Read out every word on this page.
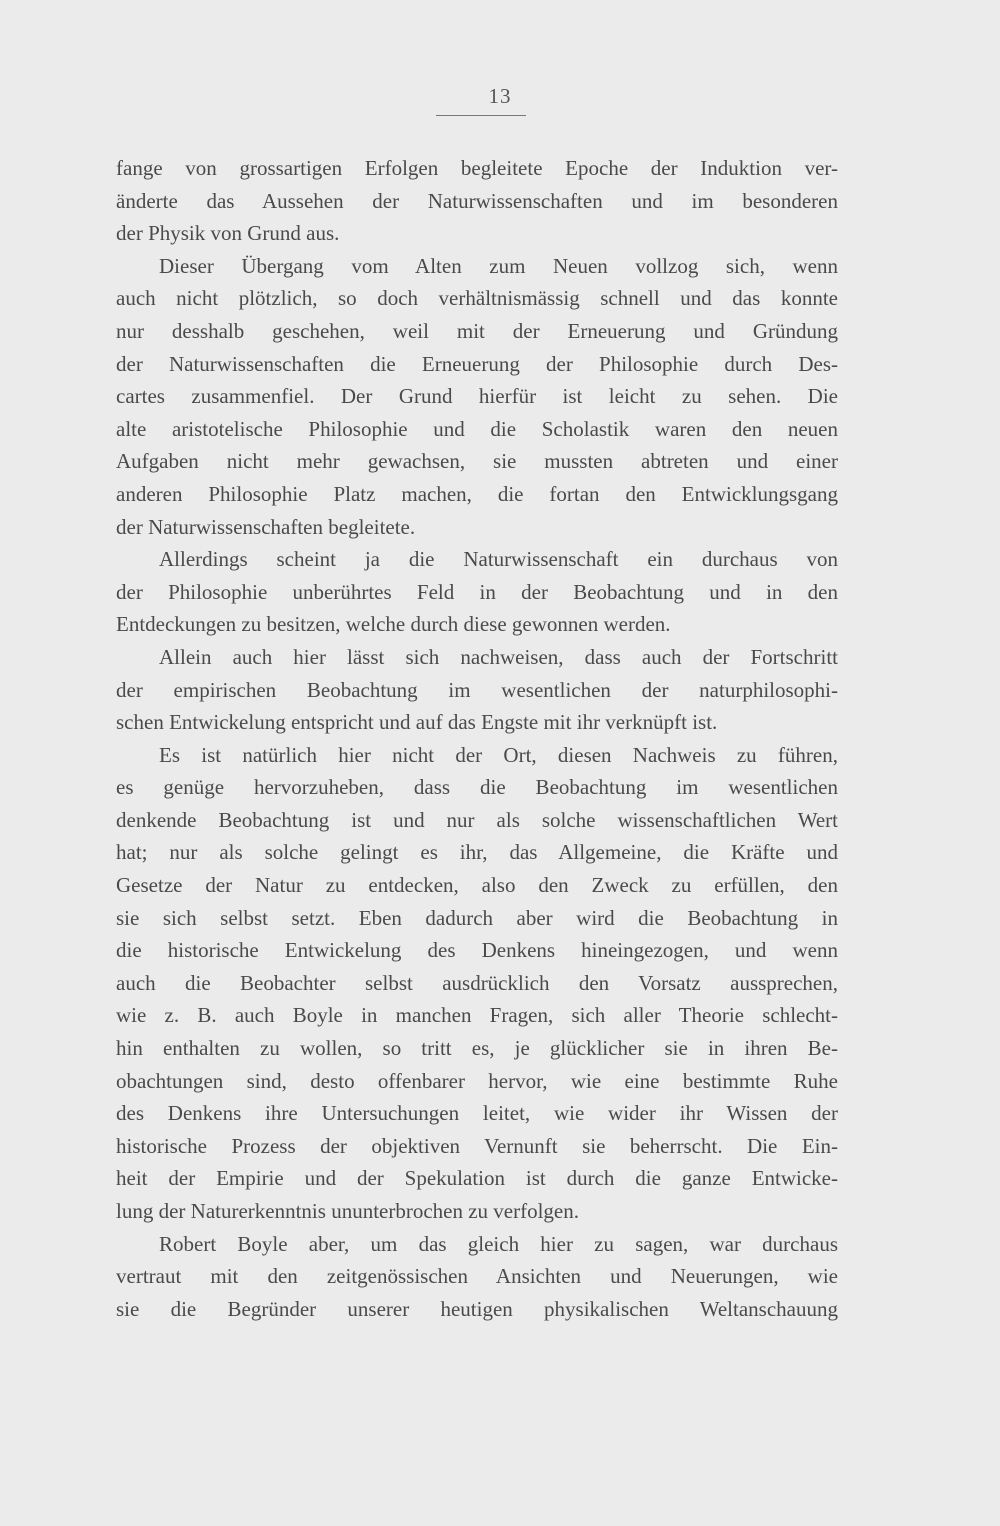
13
fange von grossartigen Erfolgen begleitete Epoche der Induktion ver-
änderte das Aussehen der Naturwissenschaften und im besonderen
der Physik von Grund aus.
Dieser Übergang vom Alten zum Neuen vollzog sich, wenn
auch nicht plötzlich, so doch verhältnismässig schnell und das konnte
nur desshalb geschehen, weil mit der Erneuerung und Gründung
der Naturwissenschaften die Erneuerung der Philosophie durch Des-
cartes zusammenfiel. Der Grund hierfür ist leicht zu sehen. Die
alte aristotelische Philosophie und die Scholastik waren den neuen
Aufgaben nicht mehr gewachsen, sie mussten abtreten und einer
anderen Philosophie Platz machen, die fortan den Entwicklungsgang
der Naturwissenschaften begleitete.
Allerdings scheint ja die Naturwissenschaft ein durchaus von
der Philosophie unberührtes Feld in der Beobachtung und in den
Entdeckungen zu besitzen, welche durch diese gewonnen werden.
Allein auch hier lässt sich nachweisen, dass auch der Fortschritt
der empirischen Beobachtung im wesentlichen der naturphilosophi-
schen Entwickelung entspricht und auf das Engste mit ihr verknüpft ist.
Es ist natürlich hier nicht der Ort, diesen Nachweis zu führen,
es genüge hervorzuheben, dass die Beobachtung im wesentlichen
denkende Beobachtung ist und nur als solche wissenschaftlichen Wert
hat; nur als solche gelingt es ihr, das Allgemeine, die Kräfte und
Gesetze der Natur zu entdecken, also den Zweck zu erfüllen, den
sie sich selbst setzt. Eben dadurch aber wird die Beobachtung in
die historische Entwickelung des Denkens hineingezogen, und wenn
auch die Beobachter selbst ausdrücklich den Vorsatz aussprechen,
wie z. B. auch Boyle in manchen Fragen, sich aller Theorie schlecht-
hin enthalten zu wollen, so tritt es, je glücklicher sie in ihren Be-
obachtungen sind, desto offenbarer hervor, wie eine bestimmte Ruhe
des Denkens ihre Untersuchungen leitet, wie wider ihr Wissen der
historische Prozess der objektiven Vernunft sie beherrscht. Die Ein-
heit der Empirie und der Spekulation ist durch die ganze Entwicke-
lung der Naturerkenntnis ununterbrochen zu verfolgen.
Robert Boyle aber, um das gleich hier zu sagen, war durchaus
vertraut mit den zeitgenössischen Ansichten und Neuerungen, wie
sie die Begründer unserer heutigen physikalischen Weltanschauung
